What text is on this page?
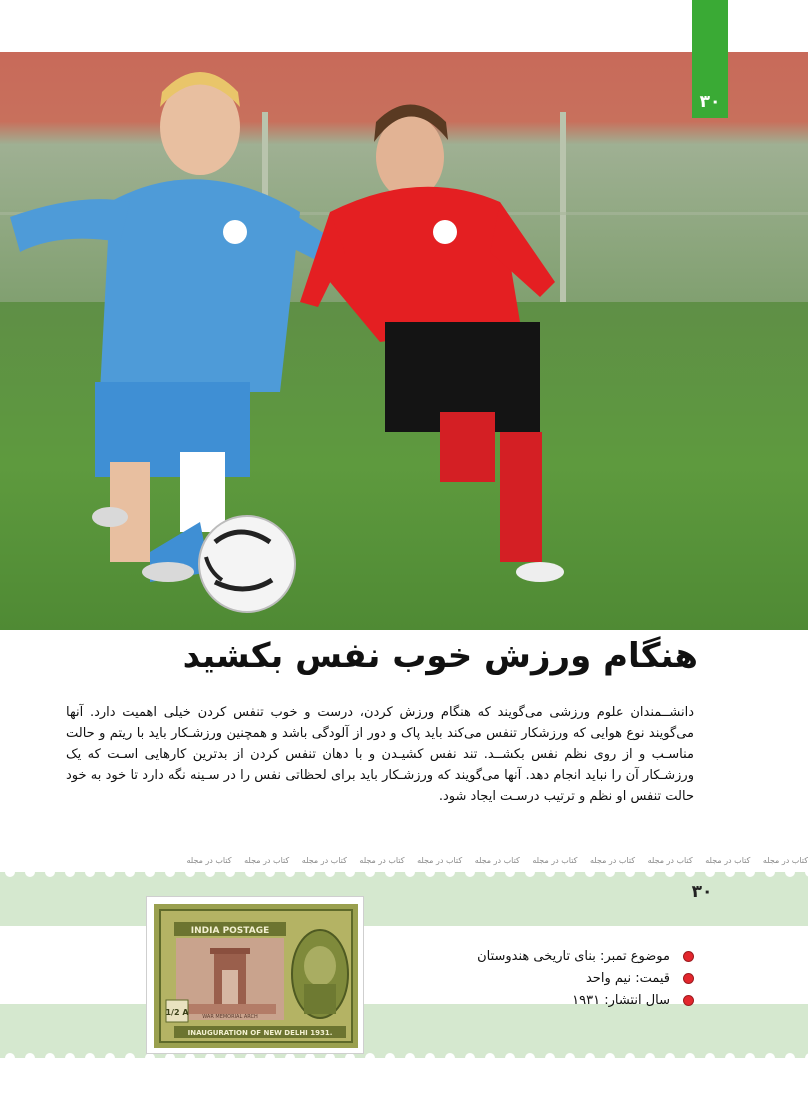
۳۰
هنگام ورزش خوب نفس بکشید
دانشــمندان علوم ورزشی می‌گویند که هنگام ورزش کردن، درست و خوب تنفس کردن خیلی اهمیت دارد. آنها می‌گویند نوع هوایی که ورزشکار تنفس می‌کند باید پاک و دور از آلودگی باشد و همچنین ورزشـکار باید با ریتم و حالت مناسـب و از روی نظم نفس بکشــد. تند نفس کشیـدن و با دهان تنفس کردن از بدترین کارهایی اسـت که یک ورزشـکار آن را نباید انجام دهد. آنها می‌گویند که ورزشـکار باید برای لحظاتی نفس را در سـینه نگه دارد تا خود به خود حالت تنفس او نظم و ترتیب درسـت ایجاد شود.
کتاب در مجله کتاب در مجله کتاب در مجله کتاب در مجله کتاب در مجله کتاب در مجله کتاب در مجله کتاب در مجله کتاب در مجله کتاب در مجله کتاب در مجله
۳۰
INDIA POSTAGE
WAR MEMORIAL ARCH
1/2 A
INAUGURATION OF NEW DELHI 1931.
موضوع تمبر: بنای تاریخی هندوستان
قیمت: نیم واحد
سال انتشار: ۱۹۳۱
